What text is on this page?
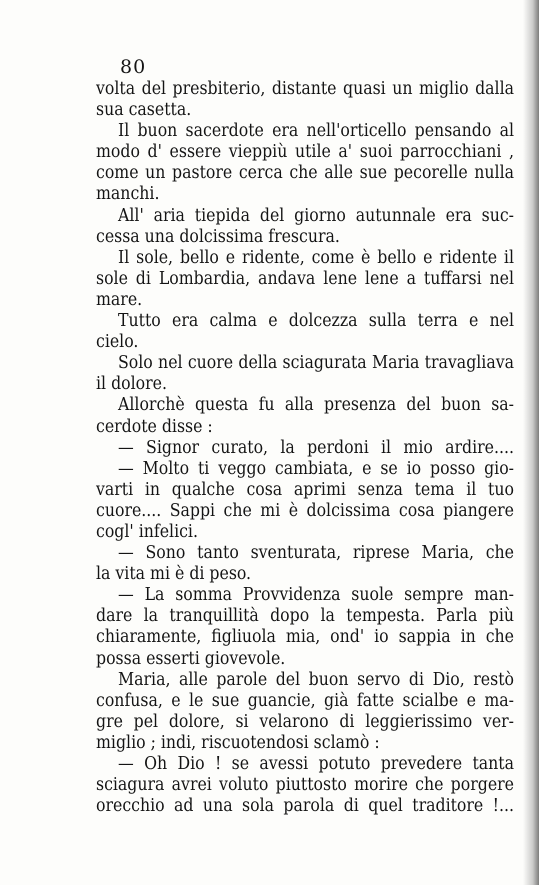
80
volta del presbiterio, distante quasi un miglio dalla
sua casetta.
Il buon sacerdote era nell'orticello pensando al
modo d' essere vieppiù utile a' suoi parrocchiani ,
come un pastore cerca che alle sue pecorelle nulla
manchi.
All' aria tiepida del giorno autunnale era suc-
cessa una dolcissima frescura.
Il sole, bello e ridente, come è bello e ridente il
sole di Lombardia, andava lene lene a tuffarsi nel
mare.
Tutto era calma e dolcezza sulla terra e nel
cielo.
Solo nel cuore della sciagurata Maria travagliava
il dolore.
Allorchè questa fu alla presenza del buon sa-
cerdote disse :
— Signor curato, la perdoni il mio ardire....
— Molto ti veggo cambiata, e se io posso gio-
varti in qualche cosa aprimi senza tema il tuo
cuore.... Sappi che mi è dolcissima cosa piangere
cogl' infelici.
— Sono tanto sventurata, riprese Maria, che
la vita mi è di peso.
— La somma Provvidenza suole sempre man-
dare la tranquillità dopo la tempesta. Parla più
chiaramente, figliuola mia, ond' io sappia in che
possa esserti giovevole.
Maria, alle parole del buon servo di Dio, restò
confusa, e le sue guancie, già fatte scialbe e ma-
gre pel dolore, si velarono di leggierissimo ver-
miglio ; indi, riscuotendosi sclamò :
— Oh Dio ! se avessi potuto prevedere tanta
sciagura avrei voluto piuttosto morire che porgere
orecchio ad una sola parola di quel traditore !...
